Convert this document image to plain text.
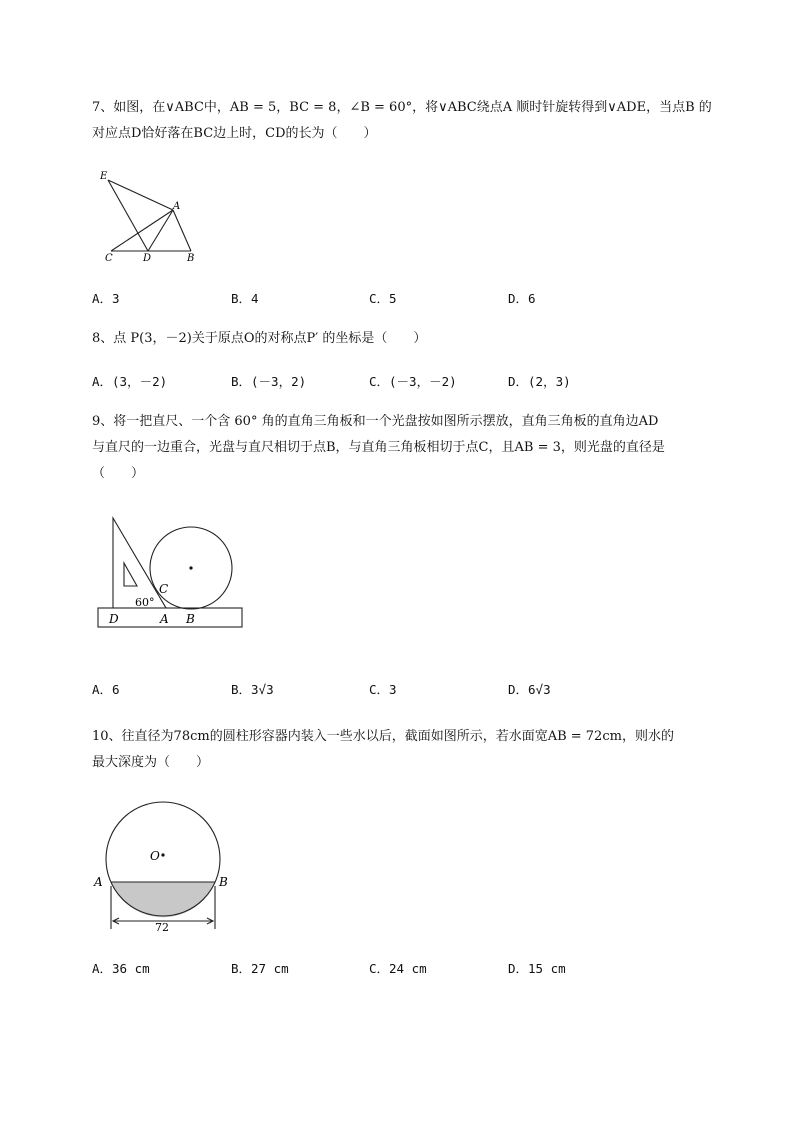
7、如图，在∨ABC中，AB = 5，BC = 8，∠B = 60°，将∨ABC绕点A 顺时针旋转得到∨ADE，当点B 的
对应点D恰好落在BC边上时，CD的长为（　　）
E
A
C	D	B
A．3	B．4	C．5	D．6
8、点 P(3，－2)关于原点O的对称点P′ 的坐标是（　　）
A．(3，－2)	B．(－3，2)	C．(－3，－2)	D．(2，3)
9、将一把直尺、一个含 60° 角的直角三角板和一个光盘按如图所示摆放，直角三角板的直角边AD
与直尺的一边重合，光盘与直尺相切于点B，与直角三角板相切于点C，且AB = 3，则光盘的直径是
（　　）
60°
C
D	A B
A．6	B．3√3	C．3	D．6√3
10、往直径为78cm的圆柱形容器内装入一些水以后，截面如图所示，若水面宽AB = 72cm，则水的
最大深度为（　　）
O
A	B
72
A．36 cm	B．27 cm	C．24 cm	D．15 cm
